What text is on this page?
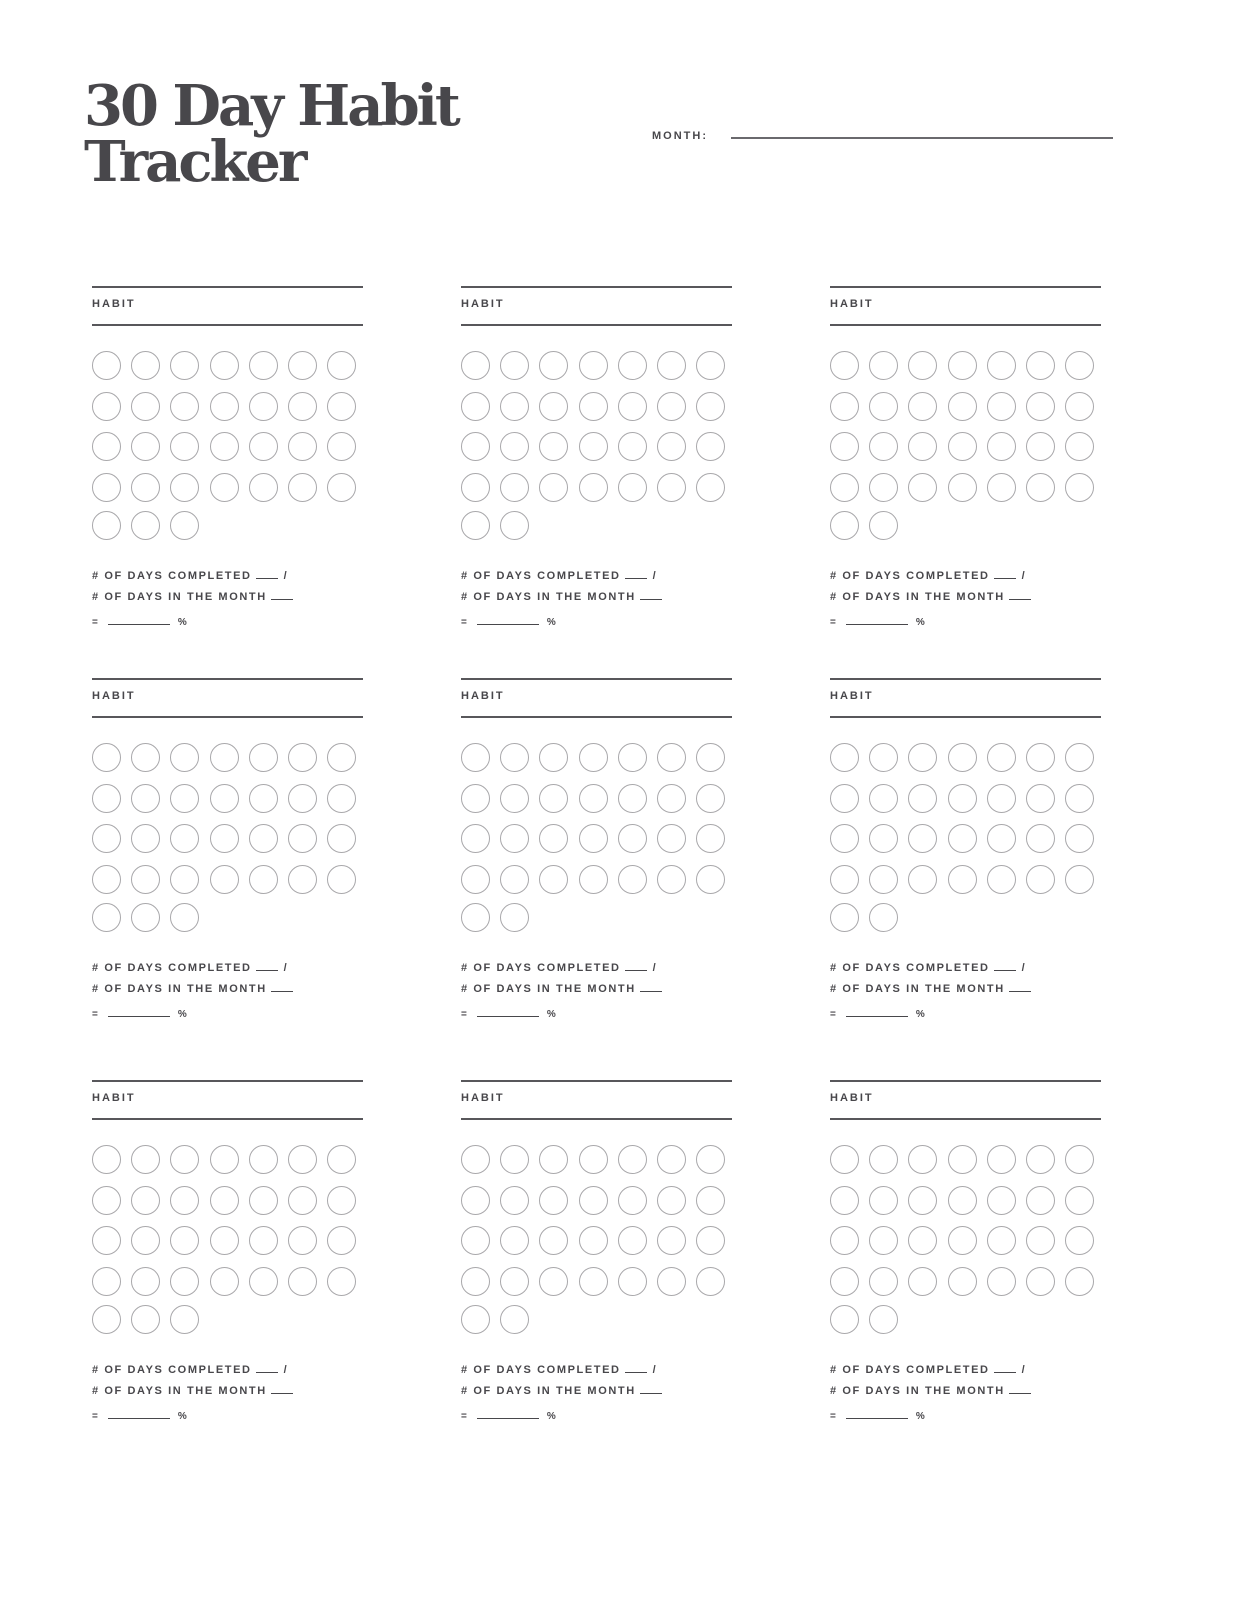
30 Day Habit
Tracker	MONTH:
HABIT
# OF DAYS COMPLETED	/
# OF DAYS IN THE MONTH
=	%
HABIT
# OF DAYS COMPLETED	/
# OF DAYS IN THE MONTH
=	%
HABIT
# OF DAYS COMPLETED	/
# OF DAYS IN THE MONTH
=	%
HABIT
# OF DAYS COMPLETED	/
# OF DAYS IN THE MONTH
=	%
HABIT
# OF DAYS COMPLETED	/
# OF DAYS IN THE MONTH
=	%
HABIT
# OF DAYS COMPLETED	/
# OF DAYS IN THE MONTH
=	%
HABIT
# OF DAYS COMPLETED	/
# OF DAYS IN THE MONTH
=	%
HABIT
# OF DAYS COMPLETED	/
# OF DAYS IN THE MONTH
=	%
HABIT
# OF DAYS COMPLETED	/
# OF DAYS IN THE MONTH
=	%
